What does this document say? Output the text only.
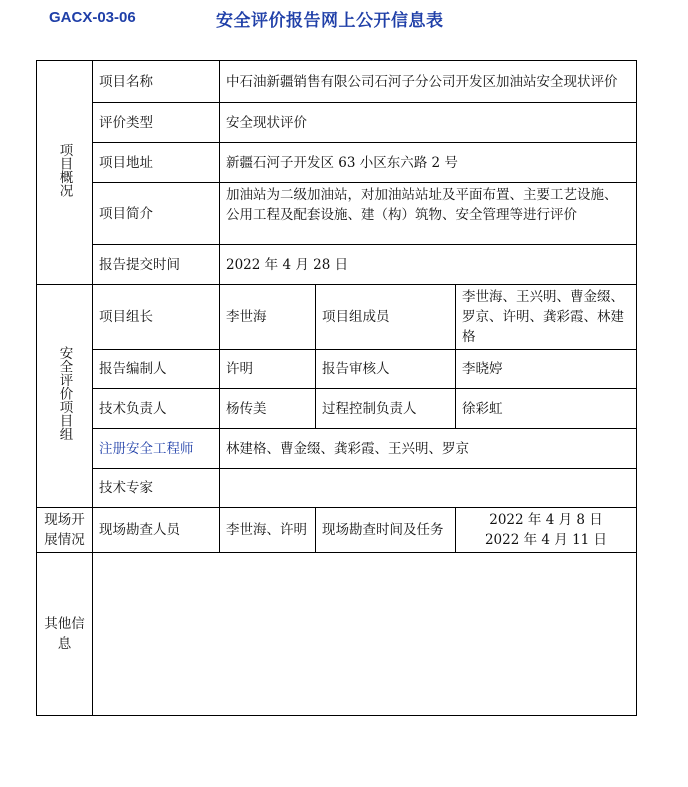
GACX-03-06	安全评价报告网上公开信息表
项目概况	项目名称	中石油新疆销售有限公司石河子分公司开发区加油站安全现状评价		
	评价类型	安全现状评价		
	项目地址	新疆石河子开发区 63 小区东六路 2 号		
	项目简介	加油站为二级加油站，对加油站站址及平面布置、主要工艺设施、公用工程及配套设施、建（构）筑物、安全管理等进行评价		
	报告提交时间	2022 年 4 月 28 日		
安全评价项目组	项目组长	李世海	项目组成员	李世海、王兴明、曹金缀、罗京、许明、龚彩霞、林建格
	报告编制人	许明	报告审核人	李晓婷
	技术负责人	杨传美	过程控制负责人	徐彩虹
	注册安全工程师	林建格、曹金缀、龚彩霞、王兴明、罗京		
	技术专家			
现场开展情况	现场勘查人员	李世海、许明	现场勘查时间及任务	2022 年 4 月 8 日
2022 年 4 月 11 日

其他信息				
